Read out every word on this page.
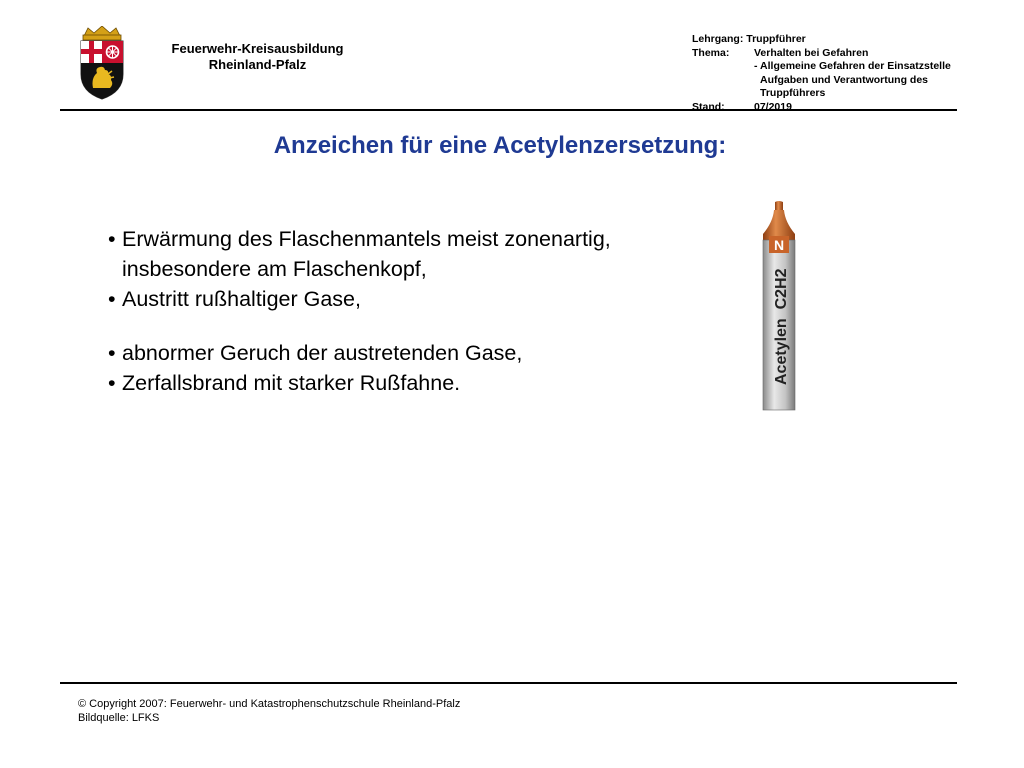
Feuerwehr-Kreisausbildung
Rheinland-Pfalz
Lehrgang: Truppführer
Thema:	Verhalten bei Gefahren
- Allgemeine Gefahren der Einsatzstelle
Aufgaben und Verantwortung des
Truppführers
Stand:	07/2019
Anzeichen für eine Acetylenzersetzung:
• Erwärmung des Flaschenmantels meist zonenartig,
insbesondere am Flaschenkopf,
• Austritt rußhaltiger Gase,
• abnormer Geruch der austretenden Gase,
• Zerfallsbrand mit starker Rußfahne.
N
Acetylen  C2H2
© Copyright 2007: Feuerwehr- und Katastrophenschutzschule Rheinland-Pfalz
Bildquelle: LFKS
